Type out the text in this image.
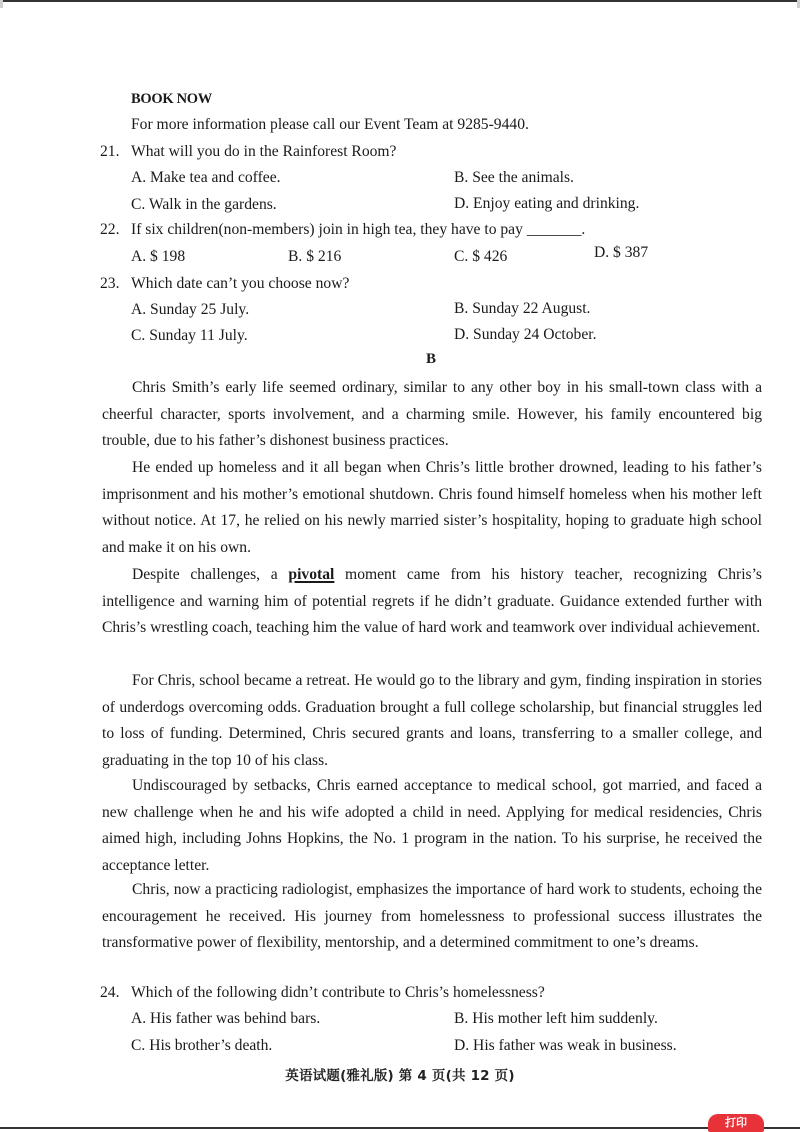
BOOK NOW
For more information please call our Event Team at 9285-9440.
21. What will you do in the Rainforest Room?
A. Make tea and coffee.	B. See the animals.
C. Walk in the gardens.	D. Enjoy eating and drinking.
22. If six children(non-members) join in high tea, they have to pay _______.
A. $ 198	B. $ 216	C. $ 426	D. $ 387
23. Which date can’t you choose now?
A. Sunday 25 July.	B. Sunday 22 August.
C. Sunday 11 July.	D. Sunday 24 October.
B
Chris Smith’s early life seemed ordinary, similar to any other boy in his small-town class with a cheerful character, sports involvement, and a charming smile. However, his family encountered big trouble, due to his father’s dishonest business practices.
He ended up homeless and it all began when Chris’s little brother drowned, leading to his father’s imprisonment and his mother’s emotional shutdown. Chris found himself homeless when his mother left without notice. At 17, he relied on his newly married sister’s hospitality, hoping to graduate high school and make it on his own.
Despite challenges, a pivotal moment came from his history teacher, recognizing Chris’s intelligence and warning him of potential regrets if he didn’t graduate. Guidance extended further with Chris’s wrestling coach, teaching him the value of hard work and teamwork over individual achievement.
For Chris, school became a retreat. He would go to the library and gym, finding inspiration in stories of underdogs overcoming odds. Graduation brought a full college scholarship, but financial struggles led to loss of funding. Determined, Chris secured grants and loans, transferring to a smaller college, and graduating in the top 10 of his class.
Undiscouraged by setbacks, Chris earned acceptance to medical school, got married, and faced a new challenge when he and his wife adopted a child in need. Applying for medical residencies, Chris aimed high, including Johns Hopkins, the No. 1 program in the nation. To his surprise, he received the acceptance letter.
Chris, now a practicing radiologist, emphasizes the importance of hard work to students, echoing the encouragement he received. His journey from homelessness to professional success illustrates the transformative power of flexibility, mentorship, and a determined commitment to one’s dreams.
24. Which of the following didn’t contribute to Chris’s homelessness?
A. His father was behind bars.	B. His mother left him suddenly.
C. His brother’s death.	D. His father was weak in business.
英语试题(雅礼版) 第 4 页(共 12 页)
打印
